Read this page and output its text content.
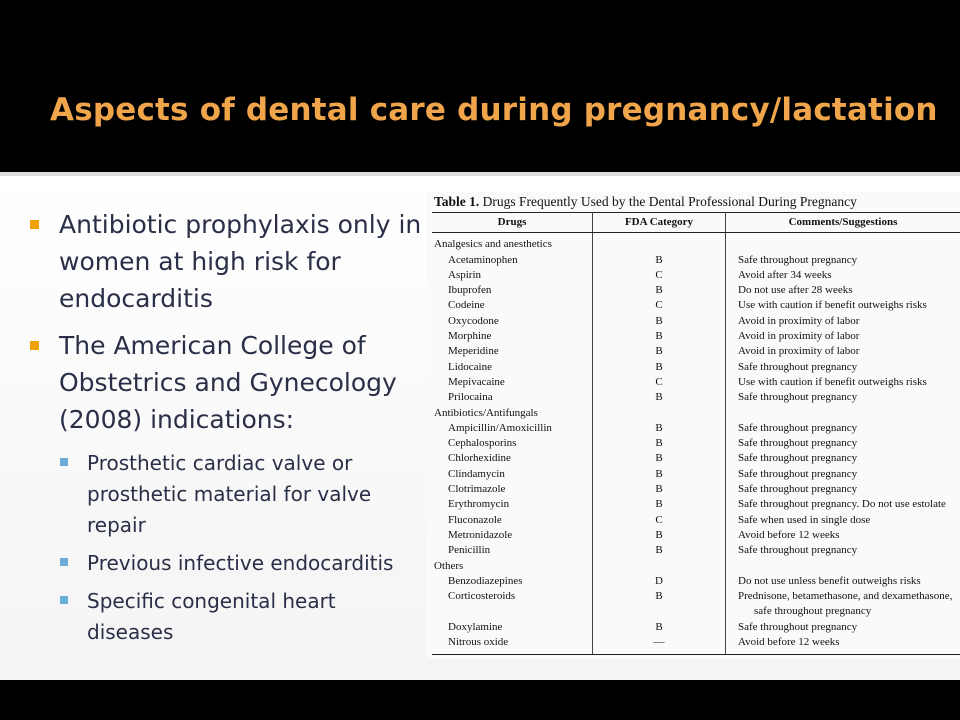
Aspects of dental care during pregnancy/lactation
Antibiotic prophylaxis only in women at high risk for endocarditis
The American College of Obstetrics and Gynecology (2008) indications:
Prosthetic cardiac valve or prosthetic material for valve repair
Previous infective endocarditis
Specific congenital heart diseases
Table 1. Drugs Frequently Used by the Dental Professional During Pregnancy
Drugs	FDA Category	Comments/Suggestions
Analgesics and anesthetics		
Acetaminophen	B	Safe throughout pregnancy

Aspirin	C	Avoid after 34 weeks

Ibuprofen	B	Do not use after 28 weeks

Codeine	C	Use with caution if benefit outweighs risks

Oxycodone	B	Avoid in proximity of labor

Morphine	B	Avoid in proximity of labor

Meperidine	B	Avoid in proximity of labor

Lidocaine	B	Safe throughout pregnancy

Mepivacaine	C	Use with caution if benefit outweighs risks

Prilocaina	B	Safe throughout pregnancy

Antibiotics/Antifungals		
Ampicillin/Amoxicillin	B	Safe throughout pregnancy

Cephalosporins	B	Safe throughout pregnancy

Chlorhexidine	B	Safe throughout pregnancy

Clindamycin	B	Safe throughout pregnancy

Clotrimazole	B	Safe throughout pregnancy

Erythromycin	B	Safe throughout pregnancy. Do not use estolate

Fluconazole	C	Safe when used in single dose

Metronidazole	B	Avoid before 12 weeks

Penicillin	B	Safe throughout pregnancy

Others		
Benzodiazepines	D	Do not use unless benefit outweighs risks

Corticosteroids	B	Prednisone, betamethasone, and dexamethasone,
safe throughout pregnancy

Doxylamine	B	Safe throughout pregnancy

Nitrous oxide	—	Avoid before 12 weeks
